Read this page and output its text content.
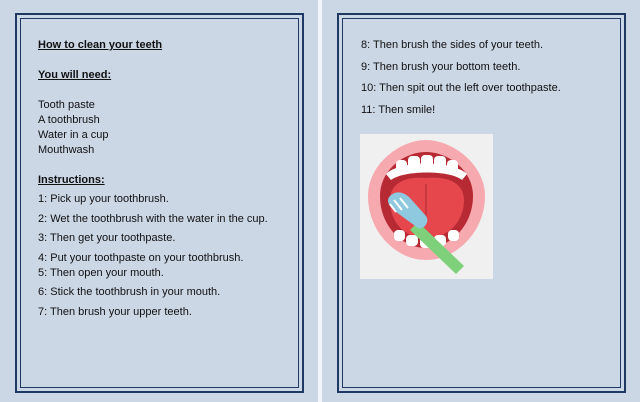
How to clean your teeth

You will need:

Tooth paste

A toothbrush

Water in a cup

Mouthwash

Instructions:

1: Pick up your toothbrush.

2: Wet the toothbrush with the water in the cup.

3: Then get your toothpaste.

4: Put your toothpaste on your toothbrush.

5: Then open your mouth.

6: Stick the toothbrush in your mouth.

7: Then brush your upper teeth.

8: Then brush the sides of your teeth.

9: Then brush your bottom teeth.

10: Then spit out the left over toothpaste.

11: Then smile!
